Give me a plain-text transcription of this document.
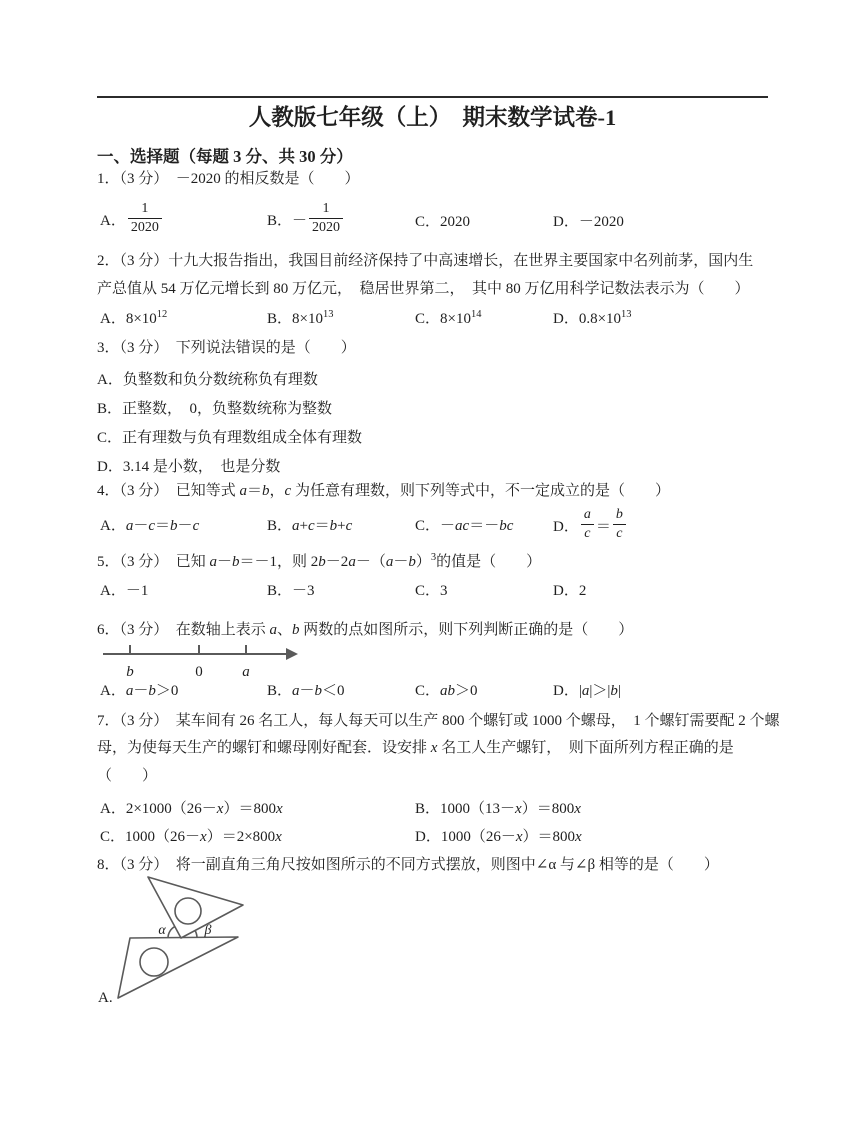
人教版七年级（上）　期末数学试卷-1
一、选择题（每题 3 分、共 30 分）

1．（3 分）　－2020 的相反数是（　　）

A． $\frac{1}{2020}$	B．－ $\frac{1}{2020}$	C．2020	D．－2020

2．（3 分）十九大报告指出，我国目前经济保持了中高速增长，在世界主要国家中名列前茅，国内生

产总值从 54 万亿元增长到 80 万亿元，　稳居世界第二，　其中 80 万亿用科学记数法表示为（　　）

A．$8\times 10^{12}$	B．$8\times 10^{13}$	C．$8\times 10^{14}$	D．$0.8\times 10^{13}$

3．（3 分）　下列说法错误的是（　　）

A．负整数和负分数统称负有理数

B．正整数，　0，负整数统称为整数

C．正有理数与负有理数组成全体有理数

D．3.14 是小数，　也是分数

4．（3 分）　已知等式 a＝b，c 为任意有理数，则下列等式中，不一定成立的是（　　）

A．a－c＝b－c	B．a+c＝b+c	C．－ac＝－bc	D． $\frac{a}{c} = \frac{b}{c}$

5．（3 分）　已知 a－b＝－1，则 $2b-2a-(a-b)^3$的值是（　　）

A．－1	B．－3	C．3	D．2

6．（3 分）　在数轴上表示 a、b 两数的点如图所示，则下列判断正确的是（　　）

b	0	a
A．a－b＞0	B．a－b＜0	C．ab＞0	D．|a|＞|b|

7．（3 分）　某车间有 26 名工人，每人每天可以生产 800 个螺钉或 1000 个螺母，　1 个螺钉需要配 2 个螺

母，为使每天生产的螺钉和螺母刚好配套．设安排 x 名工人生产螺钉，　则下面所列方程正确的是

（　　）

A．2×1000（26－x）＝800x	B．1000（13－x）＝800x
C．1000（26－x）＝2×800x	D．1000（26－x）＝800x

8．（3 分）　将一副直角三角尺按如图所示的不同方式摆放，则图中∠α 与∠β 相等的是（　　）

α	β

A.
